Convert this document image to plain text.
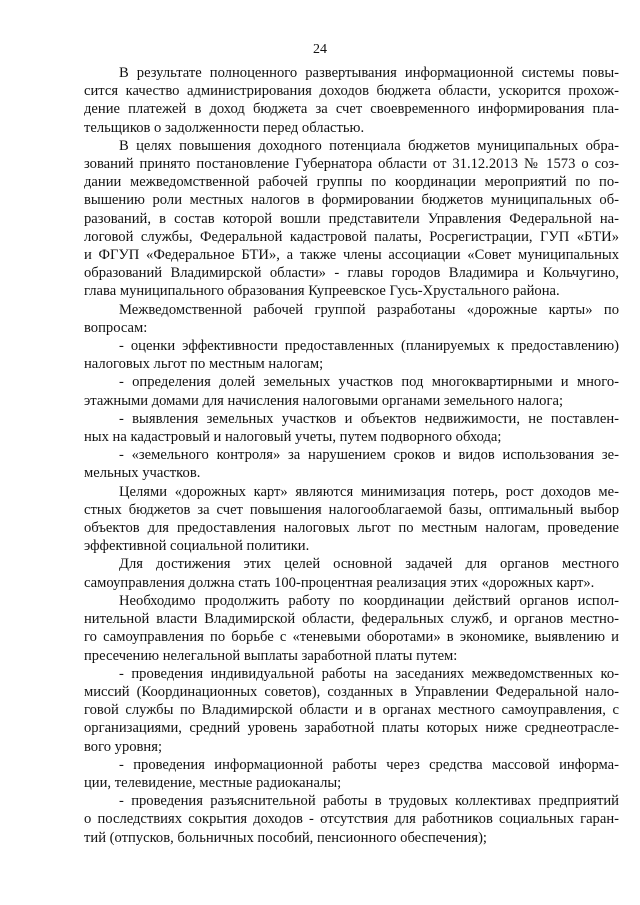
24
В результате полноценного развертывания информационной системы повы-
сится качество администрирования доходов бюджета области, ускорится прохож-
дение платежей в доход бюджета за счет своевременного информирования пла-
тельщиков о задолженности перед областью.
В целях повышения доходного потенциала бюджетов муниципальных обра-
зований принято постановление Губернатора области от 31.12.2013 № 1573 о соз-
дании межведомственной рабочей группы по координации мероприятий по по-
вышению роли местных налогов в формировании бюджетов муниципальных об-
разований, в состав которой вошли представители Управления Федеральной на-
логовой службы, Федеральной кадастровой палаты, Росрегистрации, ГУП «БТИ»
и ФГУП «Федеральное БТИ», а также члены ассоциации «Совет муниципальных
образований Владимирской области» - главы городов Владимира и Кольчугино,
глава муниципального образования Купреевское Гусь-Хрустального района.
Межведомственной рабочей группой разработаны «дорожные карты» по
вопросам:
- оценки эффективности предоставленных (планируемых к предоставлению)
налоговых льгот по местным налогам;
- определения долей земельных участков под многоквартирными и много-
этажными домами для начисления налоговыми органами земельного налога;
- выявления земельных участков и объектов недвижимости, не поставлен-
ных на кадастровый и налоговый учеты, путем подворного обхода;
- «земельного контроля» за нарушением сроков и видов использования зе-
мельных участков.
Целями «дорожных карт» являются минимизация потерь, рост доходов ме-
стных бюджетов за счет повышения налогооблагаемой базы, оптимальный выбор
объектов для предоставления налоговых льгот по местным налогам, проведение
эффективной социальной политики.
Для достижения этих целей основной задачей для органов местного
самоуправления должна стать 100-процентная реализация этих «дорожных карт».
Необходимо продолжить работу по координации действий органов испол-
нительной власти Владимирской области, федеральных служб, и органов местно-
го самоуправления по борьбе с «теневыми оборотами» в экономике, выявлению и
пресечению нелегальной выплаты заработной платы путем:
- проведения индивидуальной работы на заседаниях межведомственных ко-
миссий (Координационных советов), созданных в Управлении Федеральной нало-
говой службы по Владимирской области и в органах местного самоуправления, с
организациями, средний уровень заработной платы которых ниже среднеотрасле-
вого уровня;
- проведения информационной работы через средства массовой информа-
ции, телевидение, местные радиоканалы;
- проведения разъяснительной работы в трудовых коллективах предприятий
о последствиях сокрытия доходов - отсутствия для работников социальных гаран-
тий (отпусков, больничных пособий, пенсионного обеспечения);
